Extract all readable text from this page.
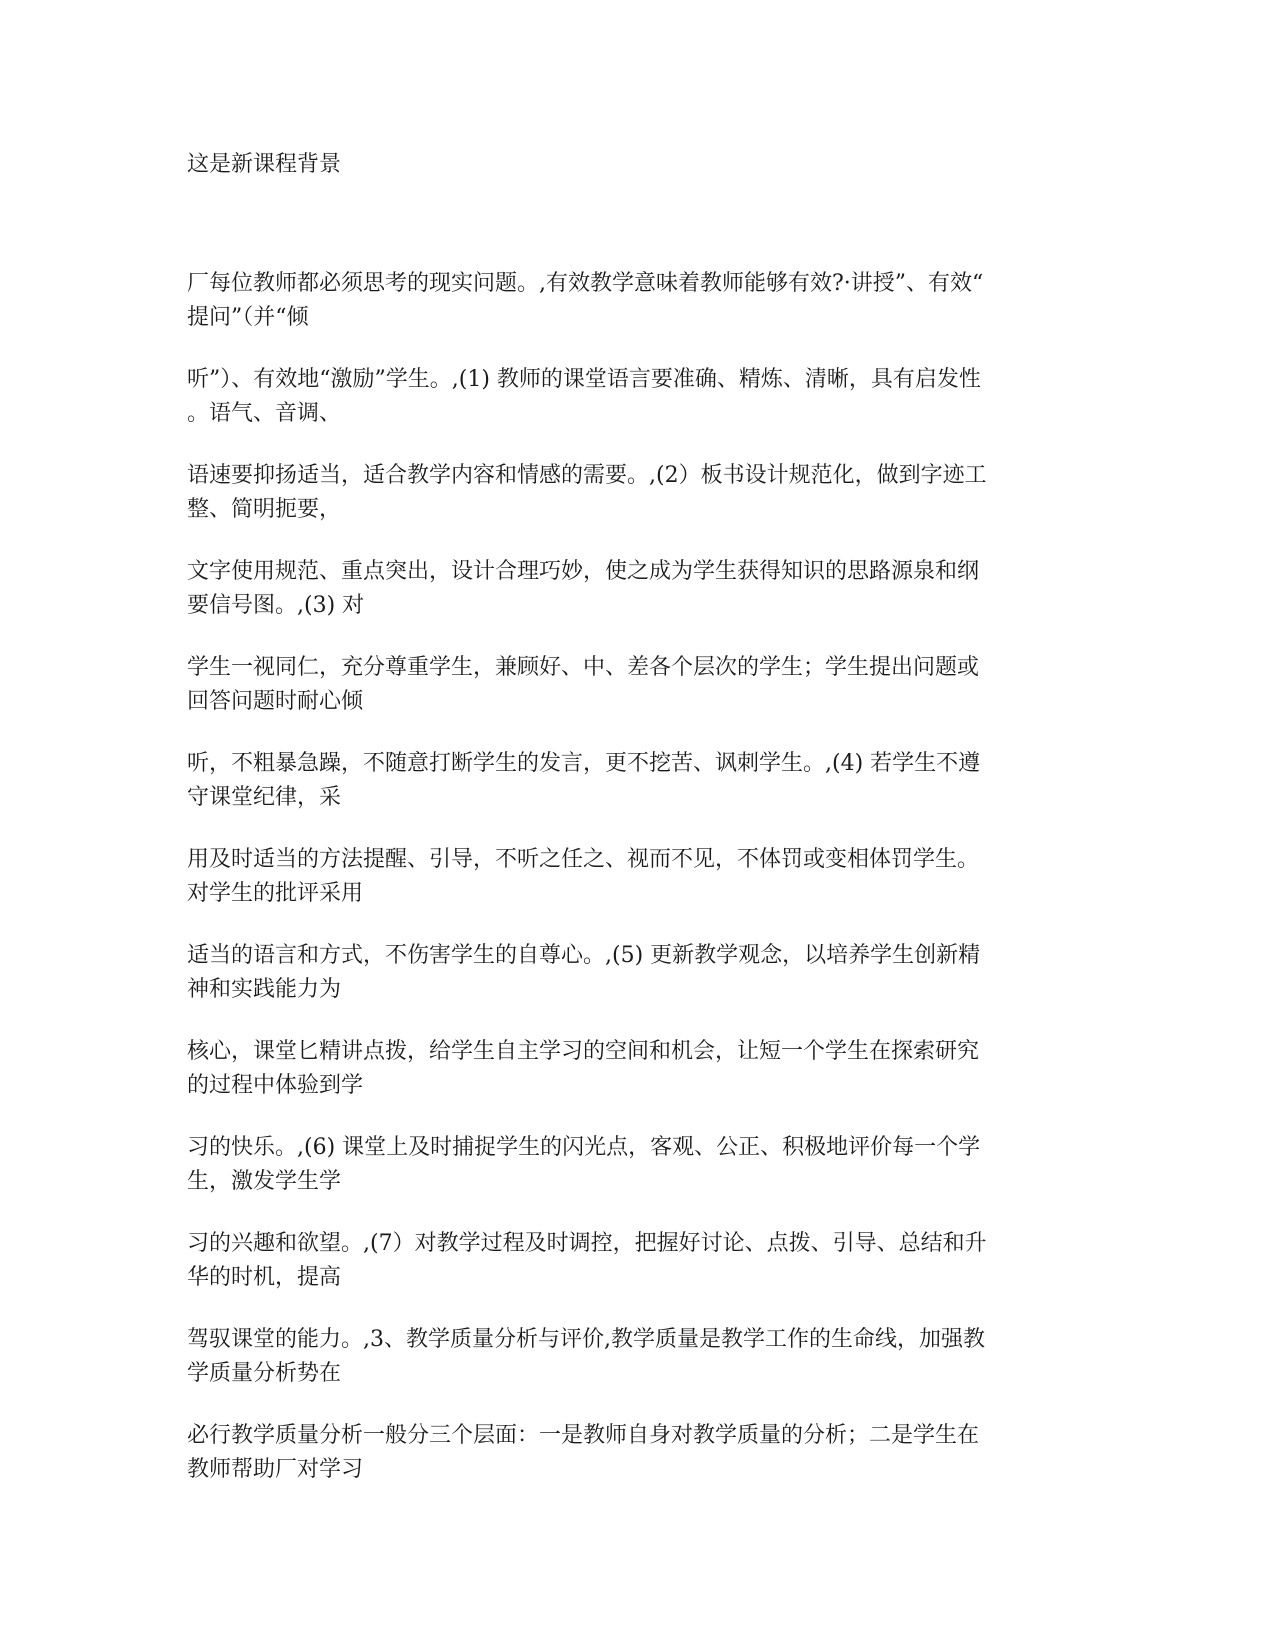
这是新课程背景

厂每位教师都必须思考的现实问题。,有效教学意味着教师能够有效?·讲授”、有效“
提问”（并“倾

听”）、有效地“激励”学生。,(1) 教师的课堂语言要准确、精炼、清晰，具有启发性
。语气、音调、

语速要抑扬适当，适合教学内容和情感的需要。,(2）板书设计规范化，做到字迹工
整、简明扼要，

文字使用规范、重点突出，设计合理巧妙，使之成为学生获得知识的思路源泉和纲
要信号图。,(3) 对

学生一视同仁，充分尊重学生，兼顾好、中、差各个层次的学生；学生提出问题或
回答问题时耐心倾

听，不粗暴急躁，不随意打断学生的发言，更不挖苦、讽刺学生。,(4) 若学生不遵
守课堂纪律，采

用及时适当的方法提醒、引导，不听之任之、视而不见，不体罚或变相体罚学生。
对学生的批评采用

适当的语言和方式，不伤害学生的自尊心。,(5) 更新教学观念，以培养学生创新精
神和实践能力为

核心，课堂匕精讲点拨，给学生自主学习的空间和机会，让短一个学生在探索研究
的过程中体验到学

习的快乐。,(6) 课堂上及时捕捉学生的闪光点，客观、公正、积极地评价每一个学
生，激发学生学

习的兴趣和欲望。,(7）对教学过程及时调控，把握好讨论、点拨、引导、总结和升
华的时机，提高

驾驭课堂的能力。,3、教学质量分析与评价,教学质量是教学工作的生命线，加强教
学质量分析势在

必行教学质量分析一般分三个层面：一是教师自身对教学质量的分析；二是学生在
教师帮助厂对学习
